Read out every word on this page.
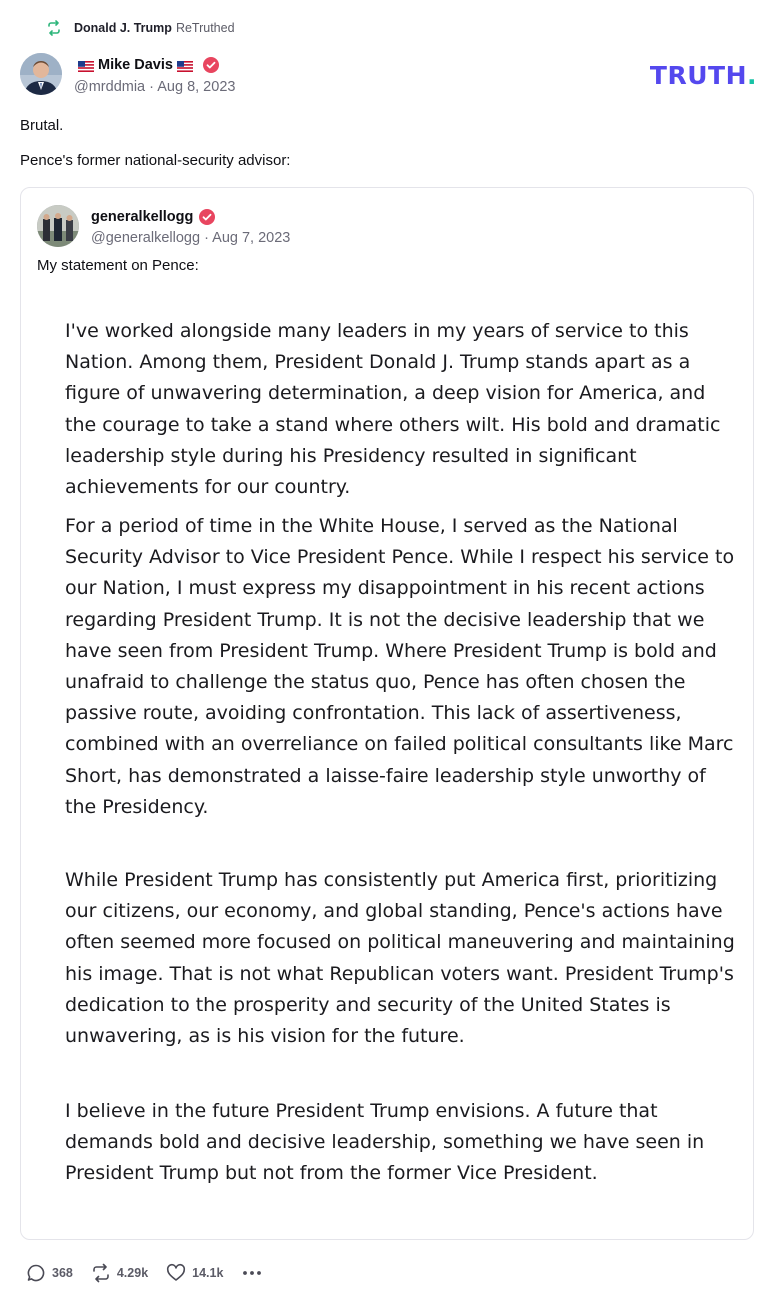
Donald J. Trump ReTruthed
Mike Davis
@mrddmia · Aug 8, 2023	TRUTH.
Brutal.
Pence's former national-security advisor:
generalkellogg
@generalkellogg · Aug 7, 2023
My statement on Pence:

I've worked alongside many leaders in my years of service to this Nation. Among them, President Donald J. Trump stands apart as a figure of unwavering determination, a deep vision for America, and the courage to take a stand where others wilt. His bold and dramatic leadership style during his Presidency resulted in significant achievements for our country.

For a period of time in the White House, I served as the National Security Advisor to Vice President Pence. While I respect his service to our Nation, I must express my disappointment in his recent actions regarding President Trump. It is not the decisive leadership that we have seen from President Trump. Where President Trump is bold and unafraid to challenge the status quo, Pence has often chosen the passive route, avoiding confrontation. This lack of assertiveness, combined with an overreliance on failed political consultants like Marc Short, has demonstrated a laisse-faire leadership style unworthy of the Presidency.

While President Trump has consistently put America first, prioritizing our citizens, our economy, and global standing, Pence's actions have often seemed more focused on political maneuvering and maintaining his image. That is not what Republican voters want. President Trump's dedication to the prosperity and security of the United States is unwavering, as is his vision for the future.

I believe in the future President Trump envisions. A future that demands bold and decisive leadership, something we have seen in President Trump but not from the former Vice President.

368	4.29k	14.1k
